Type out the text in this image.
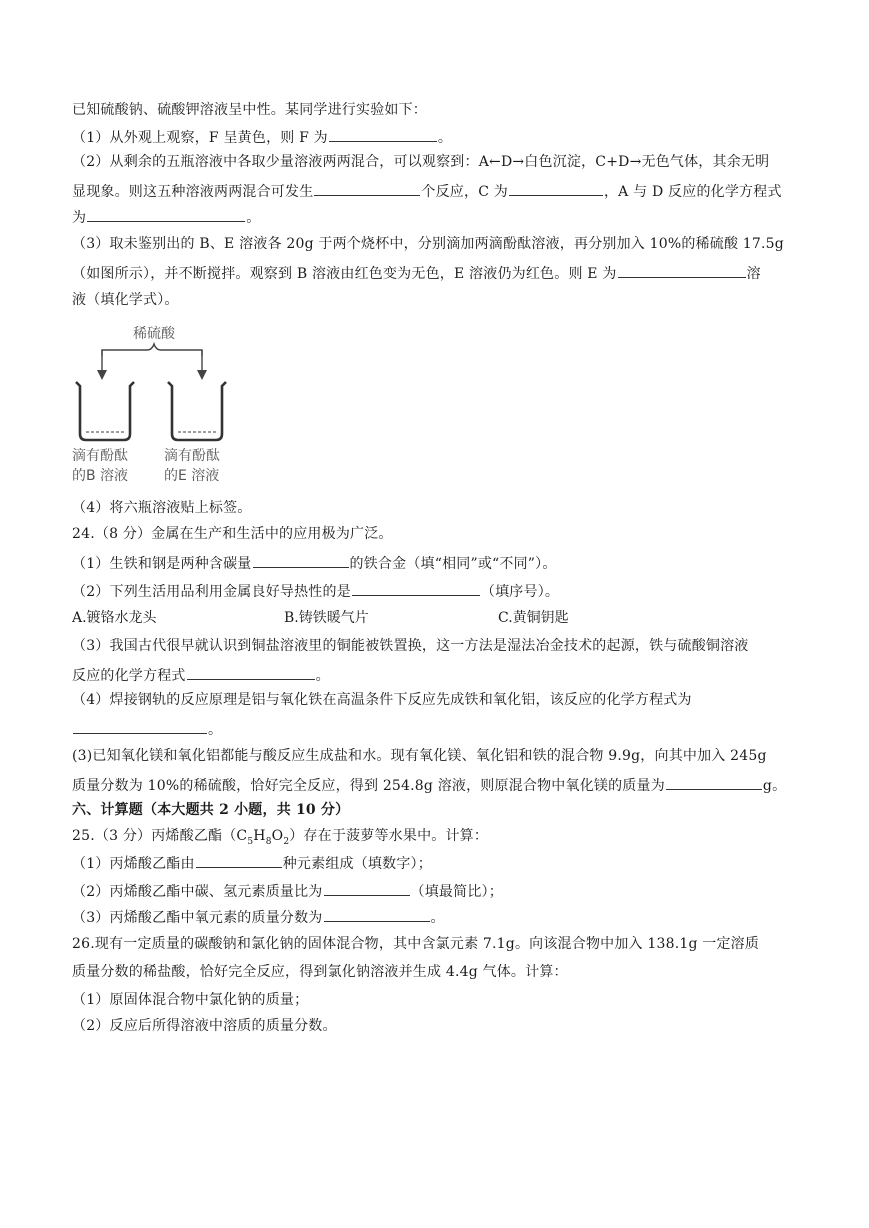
已知硫酸钠、硫酸钾溶液呈中性。某同学进行实验如下：
（1）从外观上观察，F 呈黄色，则 F 为	。
（2）从剩余的五瓶溶液中各取少量溶液两两混合，可以观察到：A←D→白色沉淀，C+D→无色气体，其余无明
显现象。则这五种溶液两两混合可发生	个反应，C 为	，A 与 D 反应的化学方程式
为	。
（3）取未鉴别出的 B、E 溶液各 20g 于两个烧杯中，分别滴加两滴酚酞溶液，再分别加入 10%的稀硫酸 17.5g
（如图所示），并不断搅拌。观察到 B 溶液由红色变为无色，E 溶液仍为红色。则 E 为	溶
液（填化学式）。
稀硫酸
滴有酚酞
的B 溶液
滴有酚酞
的E 溶液
（4）将六瓶溶液贴上标签。
24.（8 分）金属在生产和生活中的应用极为广泛。
（1）生铁和钢是两种含碳量	的铁合金（填“相同”或“不同”）。
（2）下列生活用品利用金属良好导热性的是	（填序号）。
A.镀铬水龙头	B.铸铁暖气片	C.黄铜钥匙
（3）我国古代很早就认识到铜盐溶液里的铜能被铁置换，这一方法是湿法冶金技术的起源，铁与硫酸铜溶液
反应的化学方程式	。
（4）焊接钢轨的反应原理是铝与氧化铁在高温条件下反应先成铁和氧化铝，该反应的化学方程式为
。
(3)已知氧化镁和氧化铝都能与酸反应生成盐和水。现有氧化镁、氧化铝和铁的混合物 9.9g，向其中加入 245g
质量分数为 10%的稀硫酸，恰好完全反应，得到 254.8g 溶液，则原混合物中氧化镁的质量为	g。
六、计算题（本大题共 2 小题，共 10 分）
25.（3 分）丙烯酸乙酯$(C_5H_8O_2)$存在于菠萝等水果中。计算：
（1）丙烯酸乙酯由	种元素组成（填数字）；
（2）丙烯酸乙酯中碳、氢元素质量比为	（填最简比）；
（3）丙烯酸乙酯中氧元素的质量分数为	。
26.现有一定质量的碳酸钠和氯化钠的固体混合物，其中含氯元素 7.1g。向该混合物中加入 138.1g 一定溶质
质量分数的稀盐酸，恰好完全反应，得到氯化钠溶液并生成 4.4g 气体。计算：
（1）原固体混合物中氯化钠的质量；
（2）反应后所得溶液中溶质的质量分数。
